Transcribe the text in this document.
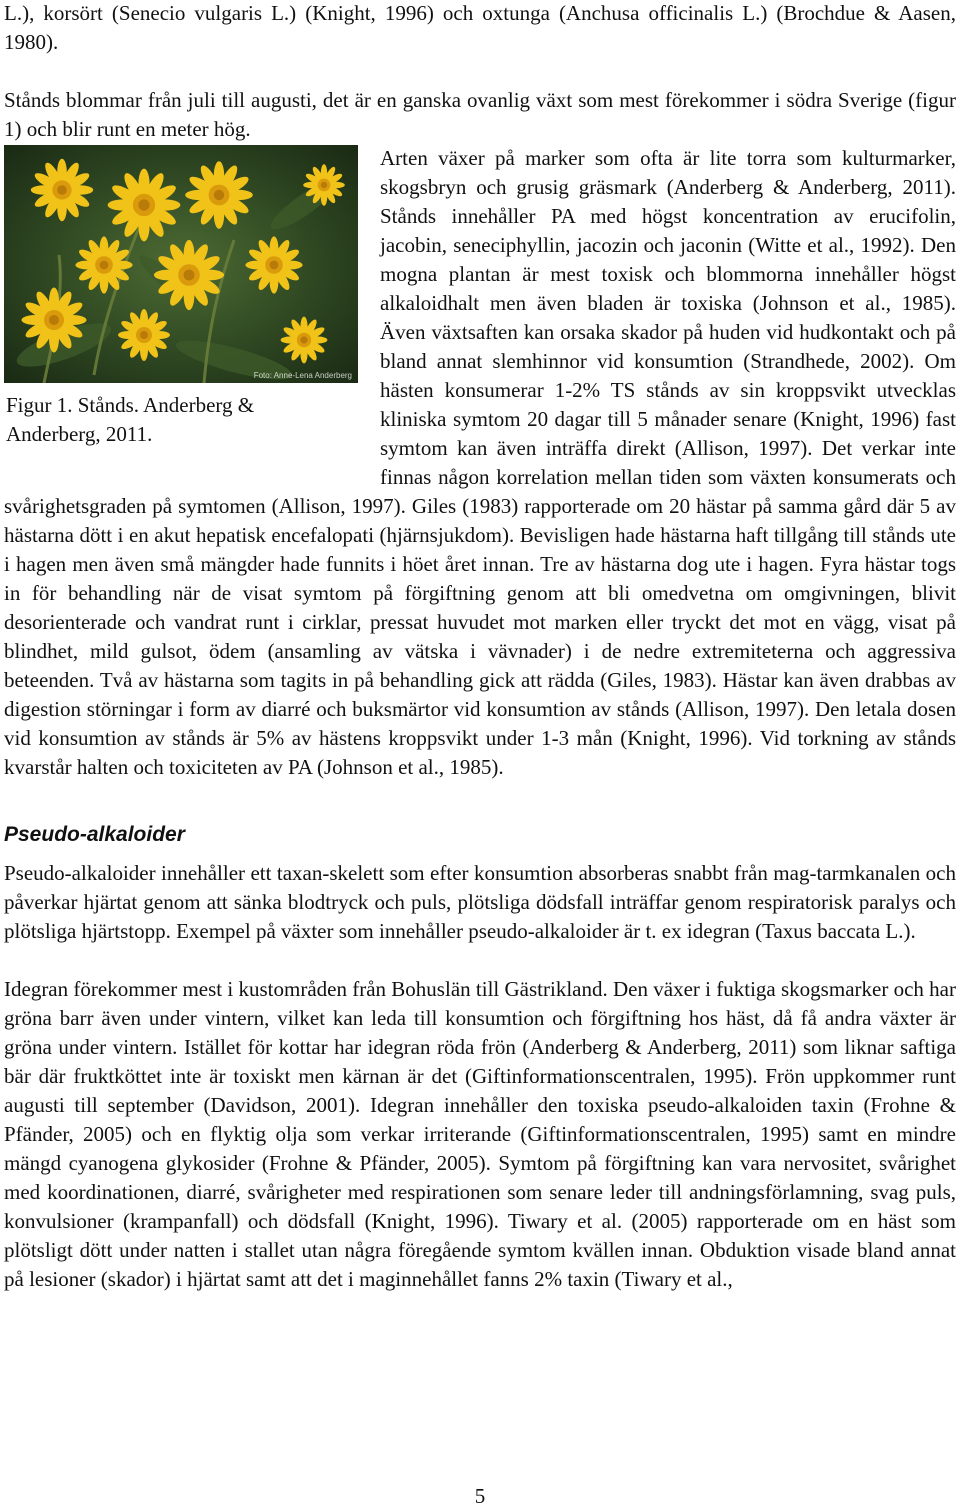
L.), korsört (Senecio vulgaris L.) (Knight, 1996) och oxtunga (Anchusa officinalis L.) (Brochdue & Aasen, 1980).

Stånds blommar från juli till augusti, det är en ganska ovanlig växt som mest förekommer i södra Sverige (figur 1) och blir runt en meter hög.

Foto: Anne-Lena Anderberg
Figur 1. Stånds. Anderberg &
Anderberg, 2011.

Arten växer på marker som ofta är lite torra som kulturmarker, skogsbryn och grusig gräsmark (Anderberg & Anderberg, 2011). Stånds innehåller PA med högst koncentration av erucifolin, jacobin, seneciphyllin, jacozin och jaconin (Witte et al., 1992). Den mogna plantan är mest toxisk och blommorna innehåller högst alkaloidhalt men även bladen är toxiska (Johnson et al., 1985). Även växtsaften kan orsaka skador på huden vid hudkontakt och på bland annat slemhinnor vid konsumtion (Strandhede, 2002). Om hästen konsumerar 1-2% TS stånds av sin kroppsvikt utvecklas kliniska symtom 20 dagar till 5 månader senare (Knight, 1996) fast symtom kan även inträffa direkt (Allison, 1997). Det verkar inte finnas någon korrelation mellan tiden som växten konsumerats och svårighetsgraden på symtomen (Allison, 1997). Giles (1983) rapporterade om 20 hästar på samma gård där 5 av hästarna dött i en akut hepatisk encefalopati (hjärnsjukdom). Bevisligen hade hästarna haft tillgång till stånds ute i hagen men även små mängder hade funnits i höet året innan. Tre av hästarna dog ute i hagen. Fyra hästar togs in för behandling när de visat symtom på förgiftning genom att bli omedvetna om omgivningen, blivit desorienterade och vandrat runt i cirklar, pressat huvudet mot marken eller tryckt det mot en vägg, visat på blindhet, mild gulsot, ödem (ansamling av vätska i vävnader) i de nedre extremiteterna och aggressiva beteenden. Två av hästarna som tagits in på behandling gick att rädda (Giles, 1983). Hästar kan även drabbas av digestion störningar i form av diarré och buksmärtor vid konsumtion av stånds (Allison, 1997). Den letala dosen vid konsumtion av stånds är 5% av hästens kroppsvikt under 1-3 mån (Knight, 1996). Vid torkning av stånds kvarstår halten och toxiciteten av PA (Johnson et al., 1985).

Pseudo-alkaloider

Pseudo-alkaloider innehåller ett taxan-skelett som efter konsumtion absorberas snabbt från mag-tarmkanalen och påverkar hjärtat genom att sänka blodtryck och puls, plötsliga dödsfall inträffar genom respiratorisk paralys och plötsliga hjärtstopp. Exempel på växter som innehåller pseudo-alkaloider är t. ex idegran (Taxus baccata L.).

Idegran förekommer mest i kustområden från Bohuslän till Gästrikland. Den växer i fuktiga skogsmarker och har gröna barr även under vintern, vilket kan leda till konsumtion och förgiftning hos häst, då få andra växter är gröna under vintern. Istället för kottar har idegran röda frön (Anderberg & Anderberg, 2011) som liknar saftiga bär där fruktköttet inte är toxiskt men kärnan är det (Giftinformationscentralen, 1995). Frön uppkommer runt augusti till september (Davidson, 2001). Idegran innehåller den toxiska pseudo-alkaloiden taxin (Frohne & Pfänder, 2005) och en flyktig olja som verkar irriterande (Giftinformationscentralen, 1995) samt en mindre mängd cyanogena glykosider (Frohne & Pfänder, 2005). Symtom på förgiftning kan vara nervositet, svårighet med koordinationen, diarré, svårigheter med respirationen som senare leder till andningsförlamning, svag puls, konvulsioner (krampanfall) och dödsfall (Knight, 1996). Tiwary et al. (2005) rapporterade om en häst som plötsligt dött under natten i stallet utan några föregående symtom kvällen innan. Obduktion visade bland annat på lesioner (skador) i hjärtat samt att det i maginnehållet fanns 2% taxin (Tiwary et al.,

5
